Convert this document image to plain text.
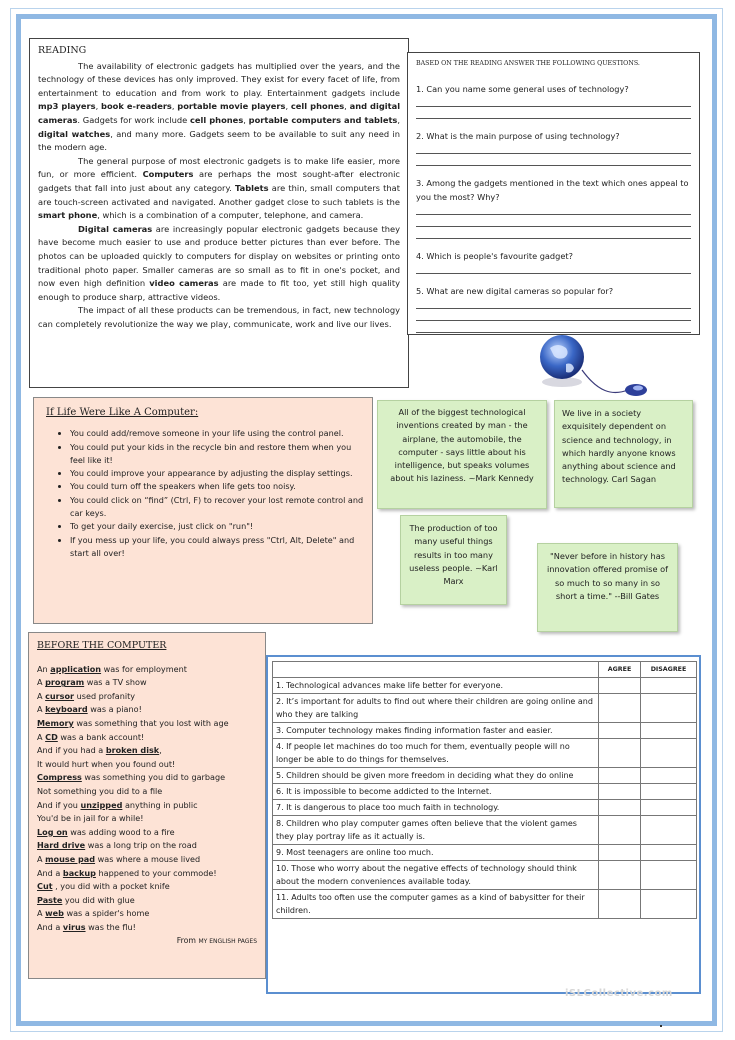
READING

The availability of electronic gadgets has multiplied over the years, and the technology of these devices has only improved. They exist for every facet of life, from entertainment to education and from work to play. Entertainment gadgets include mp3 players, book e-readers, portable movie players, cell phones, and digital cameras. Gadgets for work include cell phones, portable computers and tablets, digital watches, and many more. Gadgets seem to be available to suit any need in the modern age.

The general purpose of most electronic gadgets is to make life easier, more fun, or more efficient. Computers are perhaps the most sought-after electronic gadgets that fall into just about any category. Tablets are thin, small computers that are touch-screen activated and navigated. Another gadget close to such tablets is the smart phone, which is a combination of a computer, telephone, and camera.

Digital cameras are increasingly popular electronic gadgets because they have become much easier to use and produce better pictures than ever before. The photos can be uploaded quickly to computers for display on websites or printing onto traditional photo paper. Smaller cameras are so small as to fit in one's pocket, and now even high definition video cameras are made to fit too, yet still high quality enough to produce sharp, attractive videos.

The impact of all these products can be tremendous, in fact, new technology can completely revolutionize the way we play, communicate, work and live our lives.

BASED ON THE READING ANSWER THE FOLLOWING QUESTIONS.
1. Can you name some general uses of technology?
2. What is the main purpose of using technology?
3. Among the gadgets mentioned in the text which ones appeal to you the most? Why?
4. Which is people's favourite gadget?
5. What are new digital cameras so popular for?
If Life Were Like A Computer:
• You could add/remove someone in your life using the control panel.
• You could put your kids in the recycle bin and restore them when you feel like it!
• You could improve your appearance by adjusting the display settings.
• You could turn off the speakers when life gets too noisy.
• You could click on “find” (Ctrl, F) to recover your lost remote control and car keys.
• To get your daily exercise, just click on "run"!
• If you mess up your life, you could always press "Ctrl, Alt, Delete" and start all over!
All of the biggest technological inventions created by man - the airplane, the automobile, the computer - says little about his intelligence, but speaks volumes about his laziness. ~Mark Kennedy
We live in a society exquisitely dependent on science and technology, in which hardly anyone knows anything about science and technology. Carl Sagan
The production of too many useful things results in too many useless people. ~Karl Marx
"Never before in history has innovation offered promise of so much to so many in so short a time." --Bill Gates
BEFORE THE COMPUTER
An application was for employment
A program was a TV show
A cursor used profanity
A keyboard was a piano!
Memory was something that you lost with age
A CD was a bank account!
And if you had a broken disk,
It would hurt when you found out!
Compress was something you did to garbage
Not something you did to a file
And if you unzipped anything in public
You'd be in jail for a while!
Log on was adding wood to a fire
Hard drive was a long trip on the road
A mouse pad was where a mouse lived
And a backup happened to your commode!
Cut , you did with a pocket knife
Paste you did with glue
A web was a spider's home
And a virus was the flu!
From MY ENGLISH PAGES
	AGREE	DISAGREE
1. Technological advances make life better for everyone.		
2. It’s important for adults to find out where their children are going online and who they are talking		
3. Computer technology makes finding information faster and easier.		
4. If people let machines do too much for them, eventually people will no longer be able to do things for themselves.		
5. Children should be given more freedom in deciding what they do online		
6. It is impossible to become addicted to the Internet.		
7. It is dangerous to place too much faith in technology.		
8. Children who play computer games often believe that the violent games they play portray life as it actually is.		
9. Most teenagers are online too much.		
10. Those who worry about the negative effects of technology should think about the modern conveniences available today.		
11. Adults too often use the computer games as a kind of babysitter for their children.		
iSLCollective.com
